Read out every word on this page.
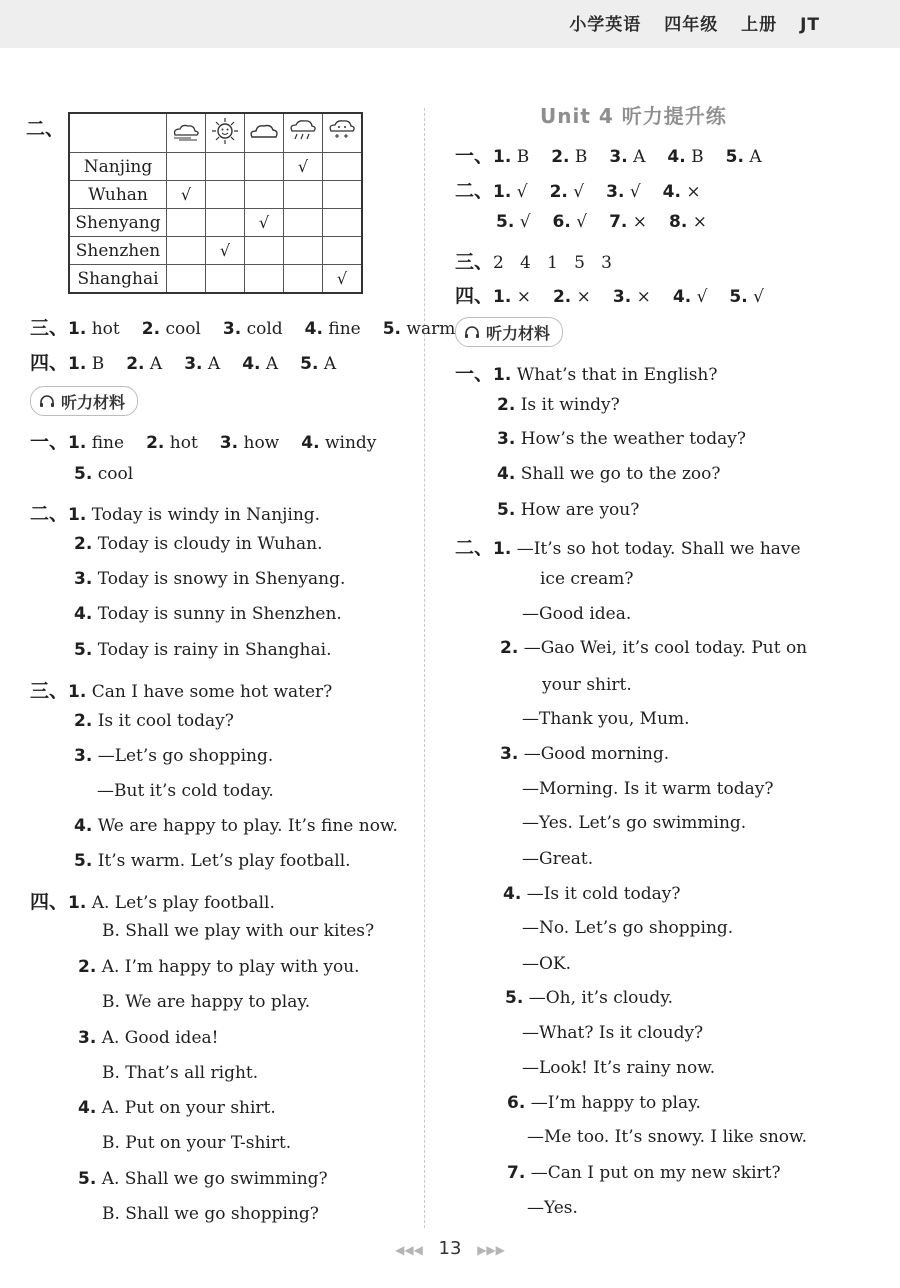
小学英语 四年级 上册 JT
二、

Nanjing				√	
Wuhan	√				
Shenyang			√		
Shenzhen		√			
Shanghai					√
三、1. hot 2. cool 3. cold 4. fine 5. warm
四、1. B 2. A 3. A 4. A 5. A
听力材料
一、1. fine 2. hot 3. how 4. windy
5. cool
二、1. Today is windy in Nanjing.
2. Today is cloudy in Wuhan.
3. Today is snowy in Shenyang.
4. Today is sunny in Shenzhen.
5. Today is rainy in Shanghai.
三、1. Can I have some hot water?
2. Is it cool today?
3. —Let’s go shopping.
—But it’s cold today.
4. We are happy to play. It’s fine now.
5. It’s warm. Let’s play football.
四、1. A. Let’s play football.
B. Shall we play with our kites?
2. A. I’m happy to play with you.
B. We are happy to play.
3. A. Good idea!
B. That’s all right.
4. A. Put on your shirt.
B. Put on your T-shirt.
5. A. Shall we go swimming?
B. Shall we go shopping?
Unit 4 听力提升练
一、1. B 2. B 3. A 4. B 5. A
二、1. √ 2. √ 3. √ 4. ×
5. √ 6. √ 7. × 8. ×
三、2   4   1   5   3
四、1. × 2. × 3. × 4. √ 5. √
听力材料
一、1. What’s that in English?
2. Is it windy?
3. How’s the weather today?
4. Shall we go to the zoo?
5. How are you?
二、1. —It’s so hot today. Shall we have
ice cream?
—Good idea.
2. —Gao Wei, it’s cool today. Put on
your shirt.
—Thank you, Mum.
3. —Good morning.
—Morning. Is it warm today?
—Yes. Let’s go swimming.
—Great.
4. —Is it cold today?
—No. Let’s go shopping.
—OK.
5. —Oh, it’s cloudy.
—What? Is it cloudy?
—Look! It’s rainy now.
6. —I’m happy to play.
—Me too. It’s snowy. I like snow.
7. —Can I put on my new skirt?
—Yes.
◀◀◀ 13 ▶▶▶
